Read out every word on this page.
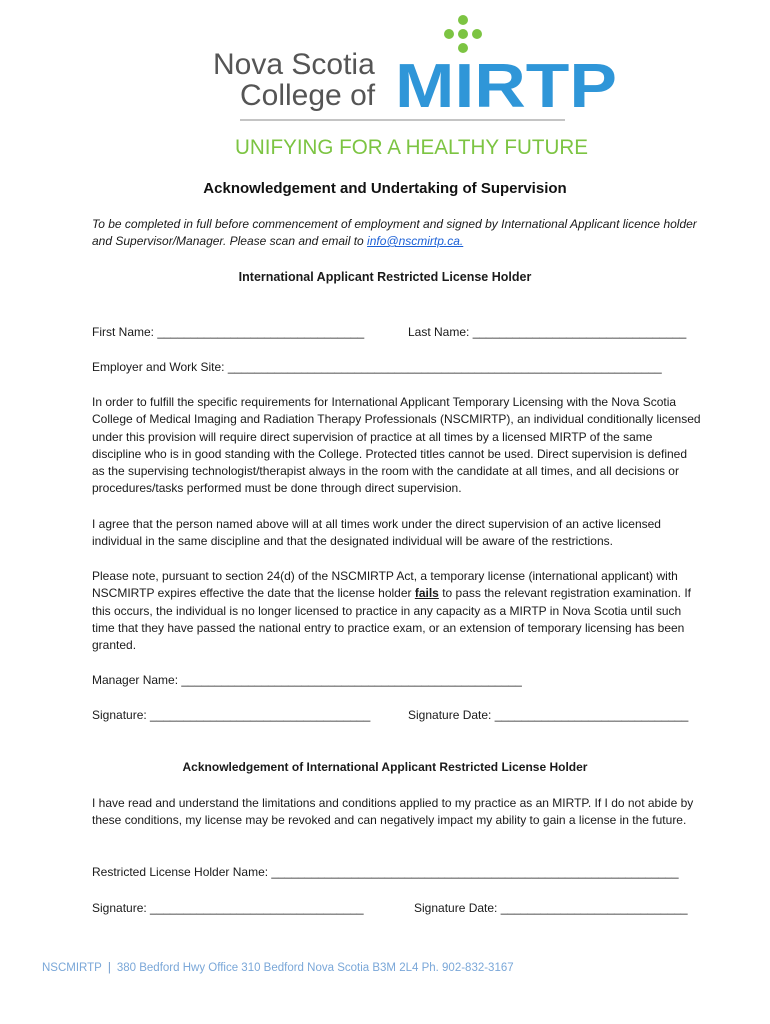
Nova Scotia
College of MIRTP
UNIFYING FOR A HEALTHY FUTURE
Acknowledgement and Undertaking of Supervision
To be completed in full before commencement of employment and signed by International Applicant licence holder and Supervisor/Manager. Please scan and email to info@nscmirtp.ca.
International Applicant Restricted License Holder
First Name: _______________________________	Last Name: ________________________________
Employer and Work Site: _________________________________________________________________
In order to fulfill the specific requirements for International Applicant Temporary Licensing with the Nova Scotia College of Medical Imaging and Radiation Therapy Professionals (NSCMIRTP), an individual conditionally licensed under this provision will require direct supervision of practice at all times by a licensed MIRTP of the same discipline who is in good standing with the College. Protected titles cannot be used. Direct supervision is defined as the supervising technologist/therapist always in the room with the candidate at all times, and all decisions or procedures/tasks performed must be done through direct supervision.
I agree that the person named above will at all times work under the direct supervision of an active licensed individual in the same discipline and that the designated individual will be aware of the restrictions.
Please note, pursuant to section 24(d) of the NSCMIRTP Act, a temporary license (international applicant) with NSCMIRTP expires effective the date that the license holder fails to pass the relevant registration examination. If this occurs, the individual is no longer licensed to practice in any capacity as a MIRTP in Nova Scotia until such time that they have passed the national entry to practice exam, or an extension of temporary licensing has been granted.
Manager Name: ___________________________________________________
Signature: _________________________________	Signature Date: _____________________________
Acknowledgement of International Applicant Restricted License Holder
I have read and understand the limitations and conditions applied to my practice as an MIRTP. If I do not abide by these conditions, my license may be revoked and can negatively impact my ability to gain a license in the future.
Restricted License Holder Name: _____________________________________________________________
Signature: ________________________________	Signature Date: ____________________________
NSCMIRTP | 380 Bedford Hwy Office 310 Bedford Nova Scotia B3M 2L4 Ph. 902-832-3167
